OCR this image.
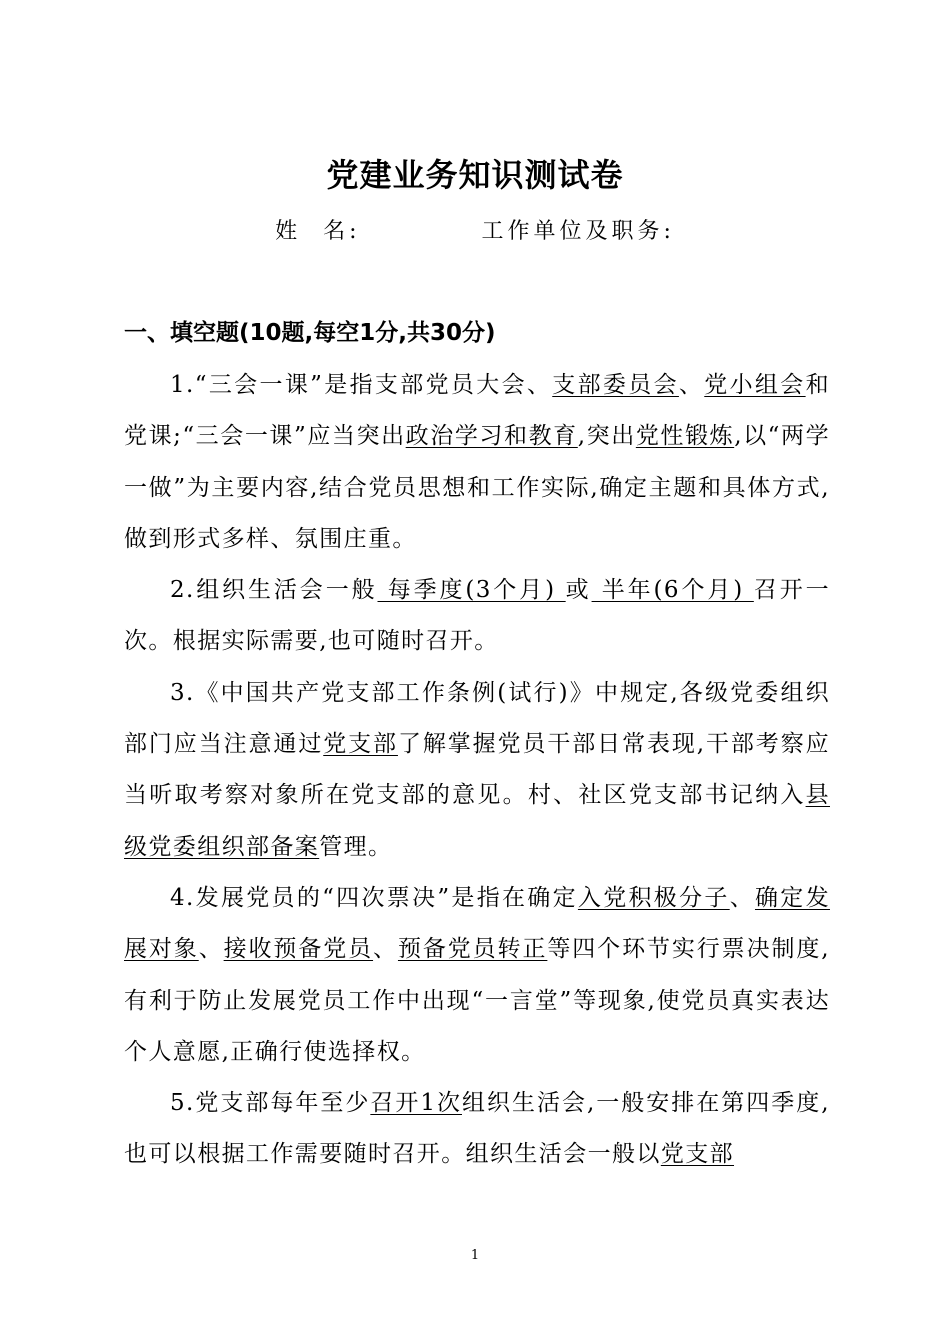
党建业务知识测试卷
姓  名:           工作单位及职务:
一、填空题(10题,每空1分,共30分)

1.“三会一课”是指支部党员大会、支部委员会、党小组会和党课;“三会一课”应当突出政治学习和教育,突出党性锻炼,以“两学一做”为主要内容,结合党员思想和工作实际,确定主题和具体方式,做到形式多样、氛围庄重。

2.组织生活会一般 每季度(3个月) 或 半年(6个月) 召开一次。根据实际需要,也可随时召开。

3.《中国共产党支部工作条例(试行)》中规定,各级党委组织部门应当注意通过党支部了解掌握党员干部日常表现,干部考察应当听取考察对象所在党支部的意见。村、社区党支部书记纳入县级党委组织部备案管理。

4.发展党员的“四次票决”是指在确定入党积极分子、确定发展对象、接收预备党员、预备党员转正等四个环节实行票决制度,有利于防止发展党员工作中出现“一言堂”等现象,使党员真实表达个人意愿,正确行使选择权。

5.党支部每年至少召开1次组织生活会,一般安排在第四季度,也可以根据工作需要随时召开。组织生活会一般以党支部

1
